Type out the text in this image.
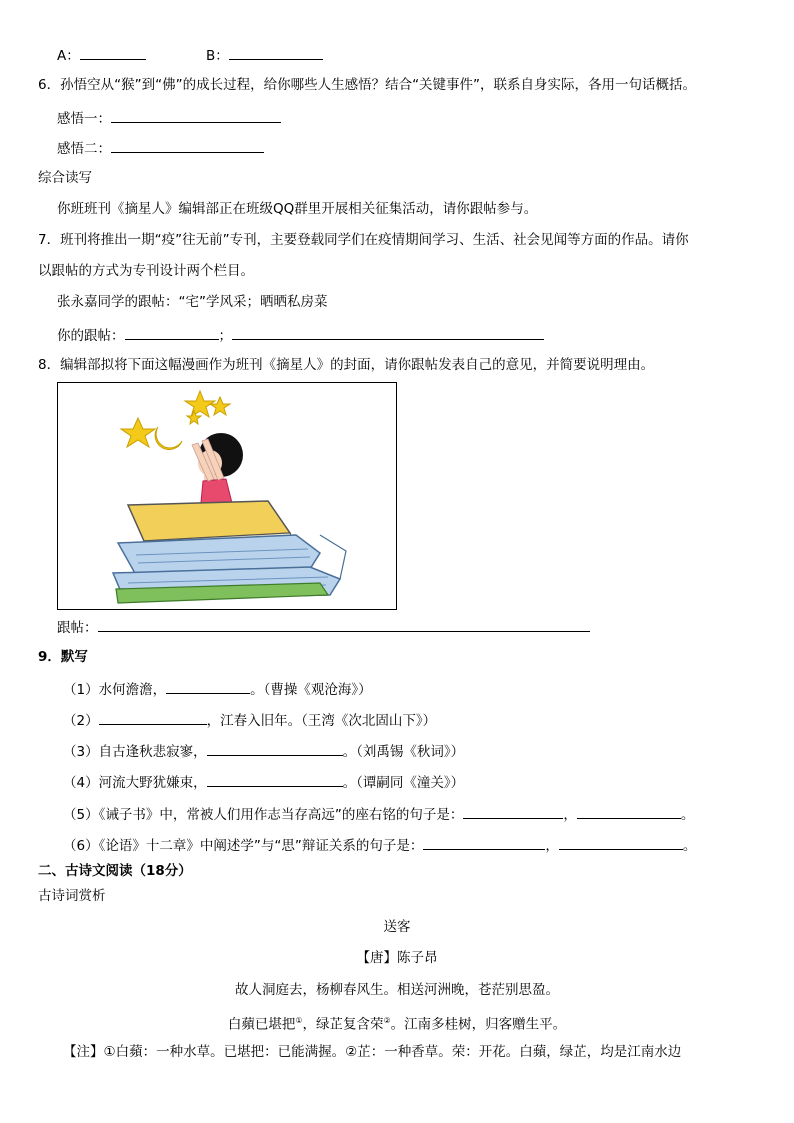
A：	B：
6．孙悟空从“猴”到“佛”的成长过程，给你哪些人生感悟？结合“关键事件”，联系自身实际，各用一句话概括。
感悟一：
感悟二：
综合读写
你班班刊《摘星人》编辑部正在班级QQ群里开展相关征集活动，请你跟帖参与。
7．班刊将推出一期“疫”往无前”专刊，主要登载同学们在疫情期间学习、生活、社会见闻等方面的作品。请你
以跟帖的方式为专刊设计两个栏目。
张永嘉同学的跟帖：“宅”学风采；晒晒私房菜
你的跟帖：	；
8．编辑部拟将下面这幅漫画作为班刊《摘星人》的封面，请你跟帖发表自己的意见，并简要说明理由。
跟帖：
9．默写
（1）水何澹澹，	。（曹操《观沧海》）
（2）	，江春入旧年。（王湾《次北固山下》）
（3）自古逢秋悲寂寥，	。（刘禹锡《秋词》）
（4）河流大野犹嫌束，	。（谭嗣同《潼关》）
（5）《诫子书》中，常被人们用作志当存高远”的座右铭的句子是：	，	。
（6）《论语》十二章》中阐述学”与“思”辩证关系的句子是：	，	。
二、古诗文阅读（18分）
古诗词赏析
送客
【唐】陈子昂
故人洞庭去，杨柳春风生。相送河洲晚，苍茫别思盈。
白蘋已堪把①，绿芷复含荣②。江南多桂树，归客赠生平。
【注】①白蘋：一种水草。已堪把：已能满握。②芷：一种香草。荣：开花。白蘋，绿芷，均是江南水边
